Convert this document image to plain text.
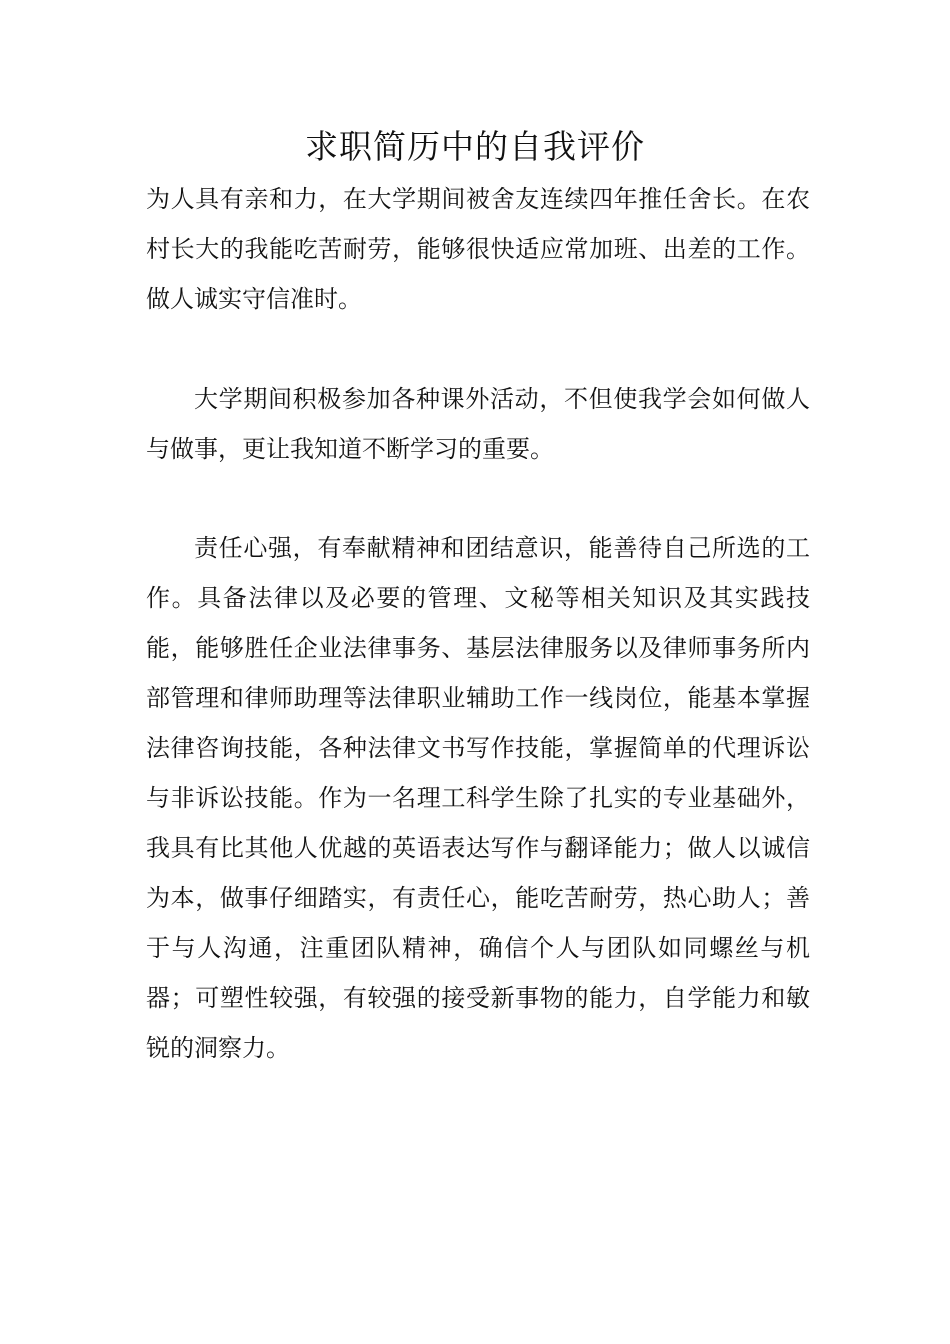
求职简历中的自我评价

为人具有亲和力，在大学期间被舍友连续四年推任舍长。在农村长大的我能吃苦耐劳，能够很快适应常加班、出差的工作。做人诚实守信准时。

大学期间积极参加各种课外活动，不但使我学会如何做人与做事，更让我知道不断学习的重要。

责任心强，有奉献精神和团结意识，能善待自己所选的工作。具备法律以及必要的管理、文秘等相关知识及其实践技能，能够胜任企业法律事务、基层法律服务以及律师事务所内部管理和律师助理等法律职业辅助工作一线岗位，能基本掌握法律咨询技能，各种法律文书写作技能，掌握简单的代理诉讼与非诉讼技能。作为一名理工科学生除了扎实的专业基础外，我具有比其他人优越的英语表达写作与翻译能力；做人以诚信为本，做事仔细踏实，有责任心，能吃苦耐劳，热心助人；善于与人沟通，注重团队精神，确信个人与团队如同螺丝与机器；可塑性较强，有较强的接受新事物的能力，自学能力和敏锐的洞察力。
